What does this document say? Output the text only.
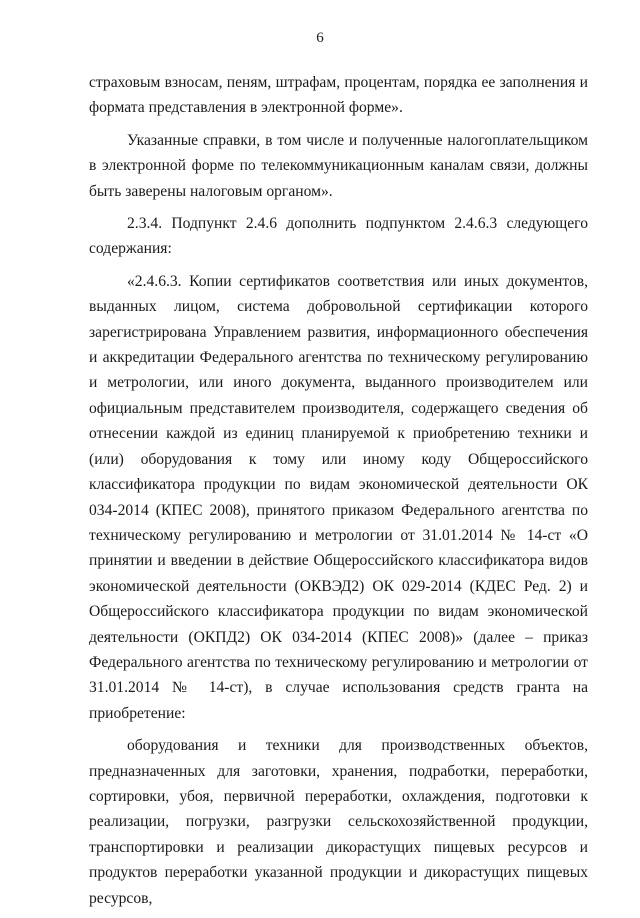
6

страховым взносам, пеням, штрафам, процентам, порядка ее заполнения и формата представления в электронной форме».

Указанные справки, в том числе и полученные налогоплательщиком в электронной форме по телекоммуникационным каналам связи, должны быть заверены налоговым органом».

2.3.4. Подпункт 2.4.6 дополнить подпунктом 2.4.6.3 следующего содержания:

«2.4.6.3. Копии сертификатов соответствия или иных документов, выданных лицом, система добровольной сертификации которого зарегистрирована Управлением развития, информационного обеспечения и аккредитации Федерального агентства по техническому регулированию и метрологии, или иного документа, выданного производителем или официальным представителем производителя, содержащего сведения об отнесении каждой из единиц планируемой к приобретению техники и (или) оборудования к тому или иному коду Общероссийского классификатора продукции по видам экономической деятельности ОК 034-2014 (КПЕС 2008), принятого приказом Федерального агентства по техническому регулированию и метрологии от 31.01.2014 № 14-ст «О принятии и введении в действие Общероссийского классификатора видов экономической деятельности (ОКВЭД2) ОК 029-2014 (КДЕС Ред. 2) и Общероссийского классификатора продукции по видам экономической деятельности (ОКПД2) ОК 034-2014 (КПЕС 2008)» (далее – приказ Федерального агентства по техническому регулированию и метрологии от 31.01.2014 № 14-ст), в случае использования средств гранта на приобретение:

оборудования и техники для производственных объектов, предназначенных для заготовки, хранения, подработки, переработки, сортировки, убоя, первичной переработки, охлаждения, подготовки к реализации, погрузки, разгрузки сельскохозяйственной продукции, транспортировки и реализации дикорастущих пищевых ресурсов и продуктов переработки указанной продукции и дикорастущих пищевых ресурсов,
